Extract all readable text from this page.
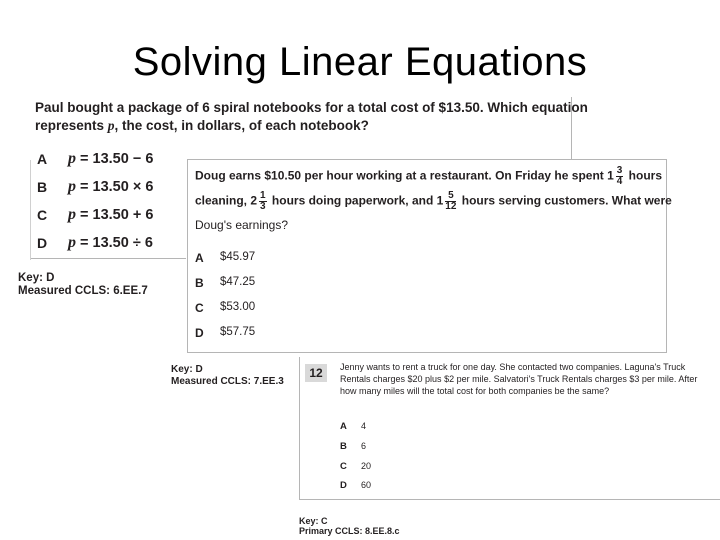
Solving Linear Equations
Paul bought a package of 6 spiral notebooks for a total cost of $13.50. Which equation
represents p, the cost, in dollars, of each notebook?
A p = 13.50 − 6
B p = 13.50 × 6
C p = 13.50 + 6
D p = 13.50 ÷ 6
Key: D
Measured CCLS: 6.EE.7
Doug earns $10.50 per hour working at a restaurant. On Friday he spent $1 \frac{3}{4}$ hours
cleaning, $2 \frac{1}{3}$ hours doing paperwork, and $1 \frac{5}{12}$ hours serving customers. What were
Doug's earnings?
A $45.97
B $47.25
C $53.00
D $57.75
Key: D
Measured CCLS: 7.EE.3
12	Jenny wants to rent a truck for one day. She contacted two companies. Laguna's Truck
Rentals charges $20 plus $2 per mile. Salvatori's Truck Rentals charges $3 per mile. After
how many miles will the total cost for both companies be the same?
A 4
B 6
C 20
D 60
Key: C
Primary CCLS: 8.EE.8.c
